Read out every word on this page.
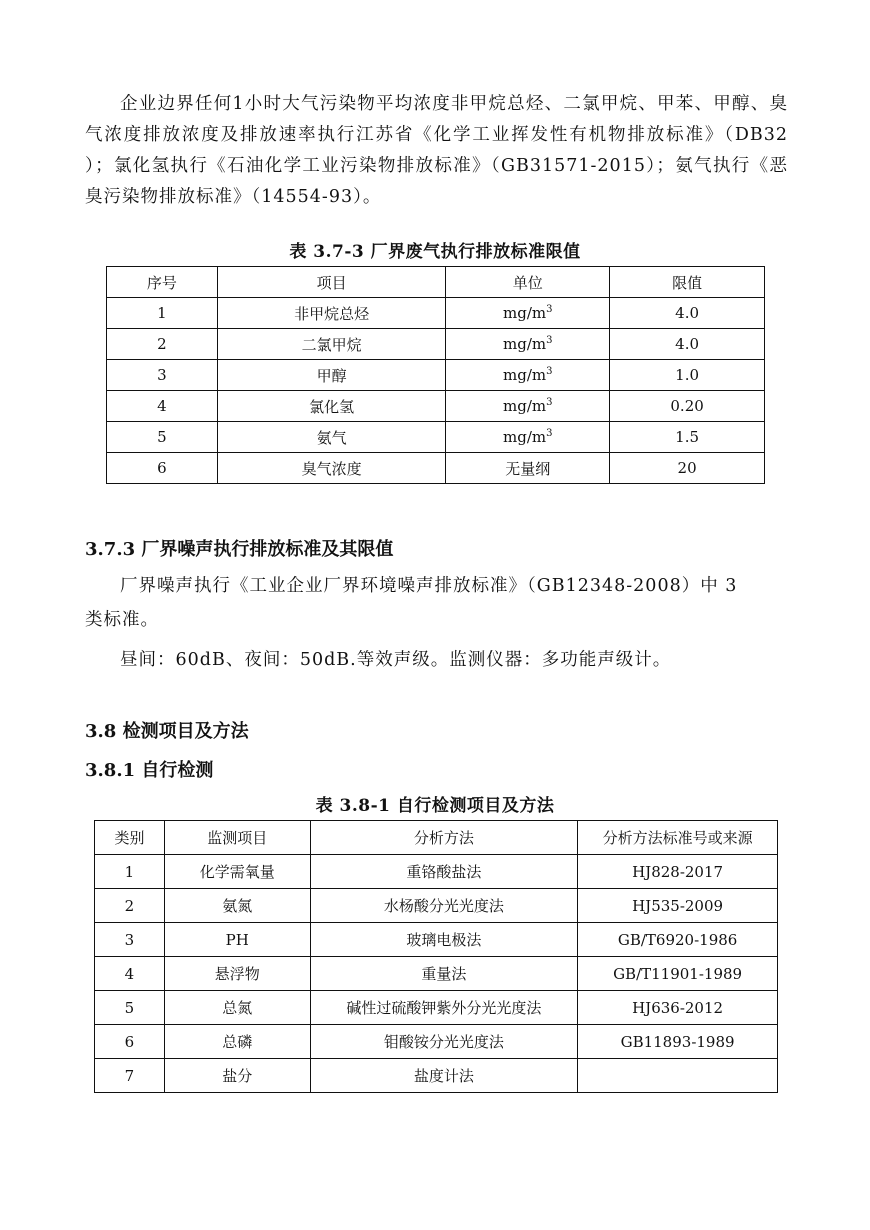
企业边界任何1小时大气污染物平均浓度非甲烷总烃、二氯甲烷、甲苯、甲醇、臭气浓度排放浓度及排放速率执行江苏省《化学工业挥发性有机物排放标准》（DB32 ）；氯化氢执行《石油化学工业污染物排放标准》（GB31571-2015）；氨气执行《恶臭污染物排放标准》（14554-93）。

表 3.7-3 厂界废气执行排放标准限值

序号	项目	单位	限值
1	非甲烷总烃	$mg/m^3$	4.0
2	二氯甲烷	$mg/m^3$	4.0
3	甲醇	$mg/m^3$	1.0
4	氯化氢	$mg/m^3$	0.20
5	氨气	$mg/m^3$	1.5
6	臭气浓度	无量纲	20

3.7.3 厂界噪声执行排放标准及其限值

厂界噪声执行《工业企业厂界环境噪声排放标准》（GB12348-2008）中 3

类标准。

昼间：60dB、夜间：50dB.等效声级。监测仪器：多功能声级计。

3.8 检测项目及方法

3.8.1 自行检测

表 3.8-1 自行检测项目及方法

类别	监测项目	分析方法	分析方法标准号或来源
1	化学需氧量	重铬酸盐法	HJ828-2017
2	氨氮	水杨酸分光光度法	HJ535-2009
3	PH	玻璃电极法	GB/T6920-1986
4	悬浮物	重量法	GB/T11901-1989
5	总氮	碱性过硫酸钾紫外分光光度法	HJ636-2012
6	总磷	钼酸铵分光光度法	GB11893-1989
7	盐分	盐度计法	
